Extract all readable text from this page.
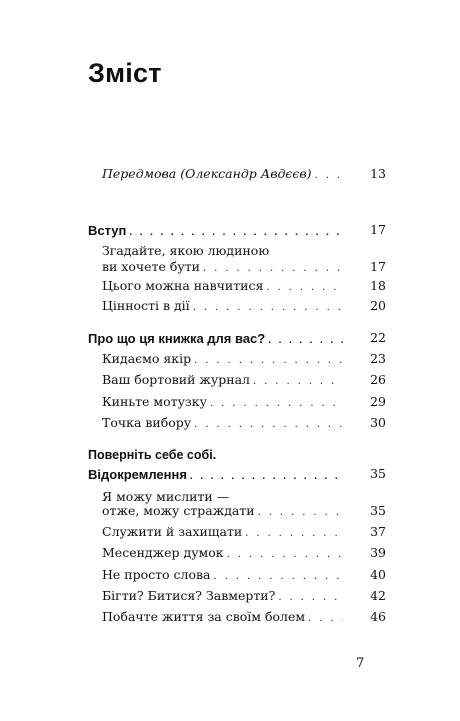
Зміст
Передмова (Олександр Авдєєв) . . .	13
Вступ . . .	17
Згадайте, якою людиною
ви хочете бути . . .	17
Цього можна навчитися . . .	18
Цінності в дії . . .	20
Про що ця книжка для вас? . . .	22
Кидаємо якір . . .	23
Ваш бортовий журнал . . .	26
Киньте мотузку . . .	29
Точка вибору . . .	30
Поверніть себе собі.
Відокремлення . . .	35
Я можу мислити —
отже, можу страждати . . .	35
Служити й захищати . . .	37
Месенджер думок . . .	39
Не просто слова . . .	40
Бігти? Битися? Завмерти? . . .	42
Побачте життя за своїм болем . . .	46
7
